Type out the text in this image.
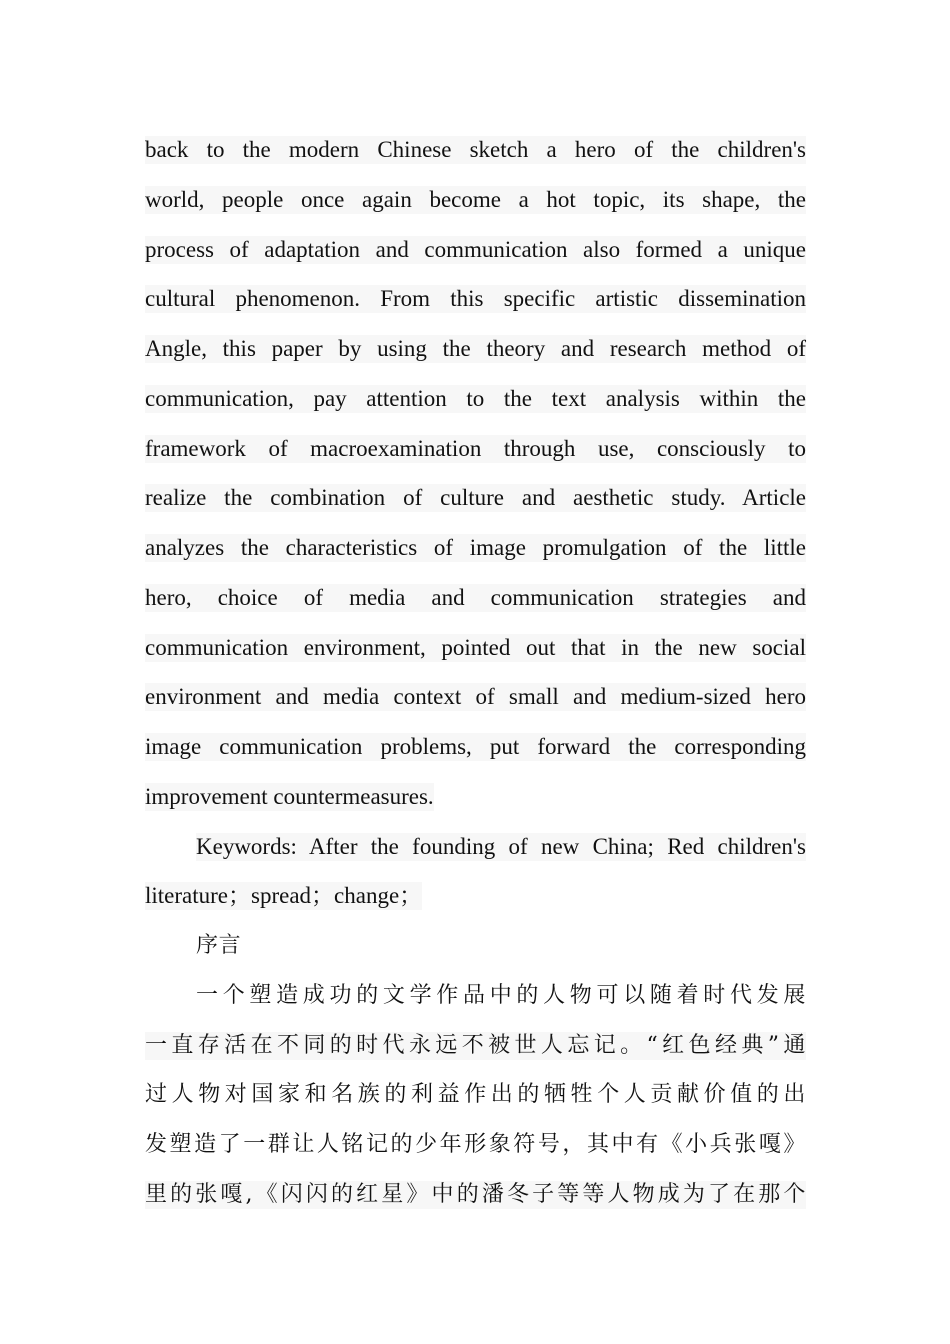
back to the modern Chinese sketch a hero of the children's
world, people once again become a hot topic, its shape, the
process of adaptation and communication also formed a unique
cultural phenomenon. From this specific artistic dissemination
Angle, this paper by using the theory and research method of
communication, pay attention to the text analysis within the
framework of macroexamination through use, consciously to
realize the combination of culture and aesthetic study. Article
analyzes the characteristics of image promulgation of the little
hero, choice of media and communication strategies and
communication environment, pointed out that in the new social
environment and media context of small and medium-sized hero
image communication problems, put forward the corresponding
improvement countermeasures.
Keywords: After the founding of new China; Red children's
literature；spread；change；
序言
一个塑造成功的文学作品中的人物可以随着时代发展
一直存活在不同的时代永远不被世人忘记。“红色经典”通
过人物对国家和名族的利益作出的牺牲个人贡献价值的出
发塑造了一群让人铭记的少年形象符号，其中有《小兵张嘎》
里的张嘎,《闪闪的红星》中的潘冬子等等人物成为了在那个
